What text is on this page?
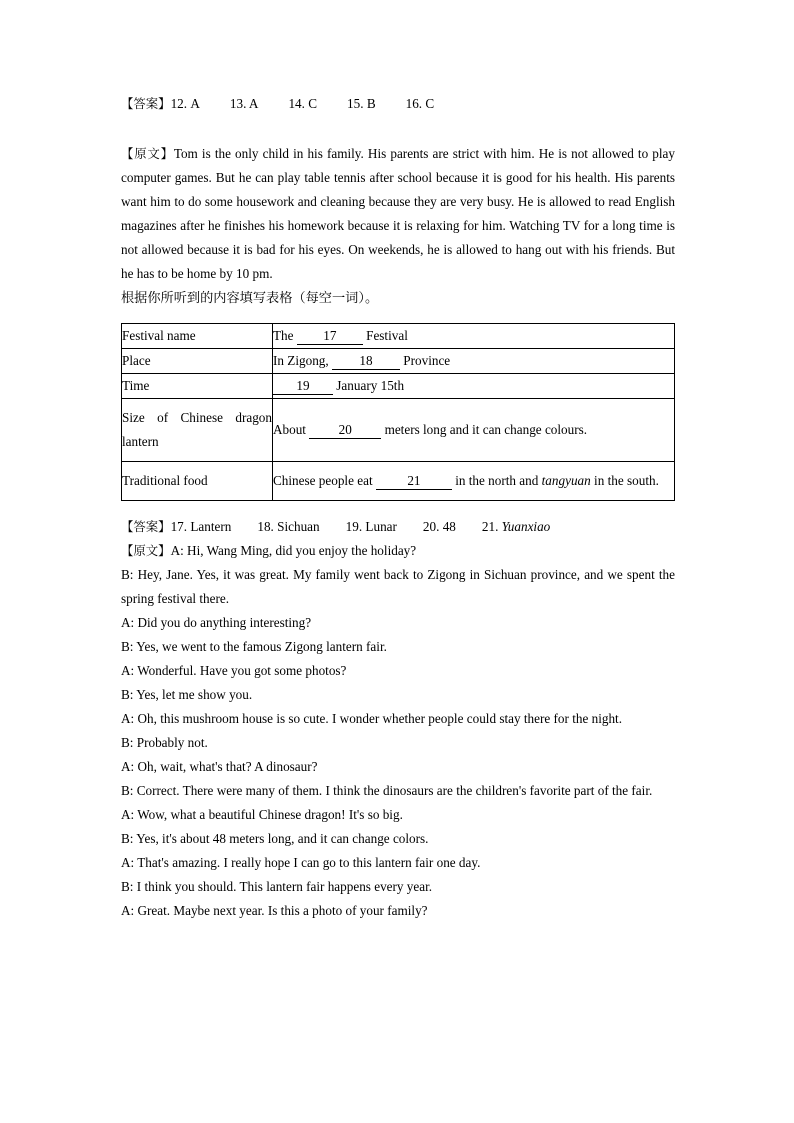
【答案】12. A 13. A 14. C 15. B 16. C
【原文】Tom is the only child in his family. His parents are strict with him. He is not allowed to play computer games. But he can play table tennis after school because it is good for his health. His parents want him to do some housework and cleaning because they are very busy. He is allowed to read English magazines after he finishes his homework because it is relaxing for him. Watching TV for a long time is not allowed because it is bad for his eyes. On weekends, he is allowed to hang out with his friends. But he has to be home by 10 pm.
根据你所听到的内容填写表格（每空一词）。
Festival name	The 17 Festival
Place	In Zigong, 18 Province
Time	19 January 15th
Size of Chinese dragon lantern	About 20 meters long and it can change colours.
Traditional food	Chinese people eat 21 in the north and tangyuan in the south.
【答案】17. Lantern 18. Sichuan 19. Lunar 20. 48 21. Yuanxiao
【原文】A: Hi, Wang Ming, did you enjoy the holiday?
B: Hey, Jane. Yes, it was great. My family went back to Zigong in Sichuan province, and we spent the spring festival there.
A: Did you do anything interesting?
B: Yes, we went to the famous Zigong lantern fair.
A: Wonderful. Have you got some photos?
B: Yes, let me show you.
A: Oh, this mushroom house is so cute. I wonder whether people could stay there for the night.
B: Probably not.
A: Oh, wait, what's that? A dinosaur?
B: Correct. There were many of them. I think the dinosaurs are the children's favorite part of the fair.
A: Wow, what a beautiful Chinese dragon! It's so big.
B: Yes, it's about 48 meters long, and it can change colors.
A: That's amazing. I really hope I can go to this lantern fair one day.
B: I think you should. This lantern fair happens every year.
A: Great. Maybe next year. Is this a photo of your family?
